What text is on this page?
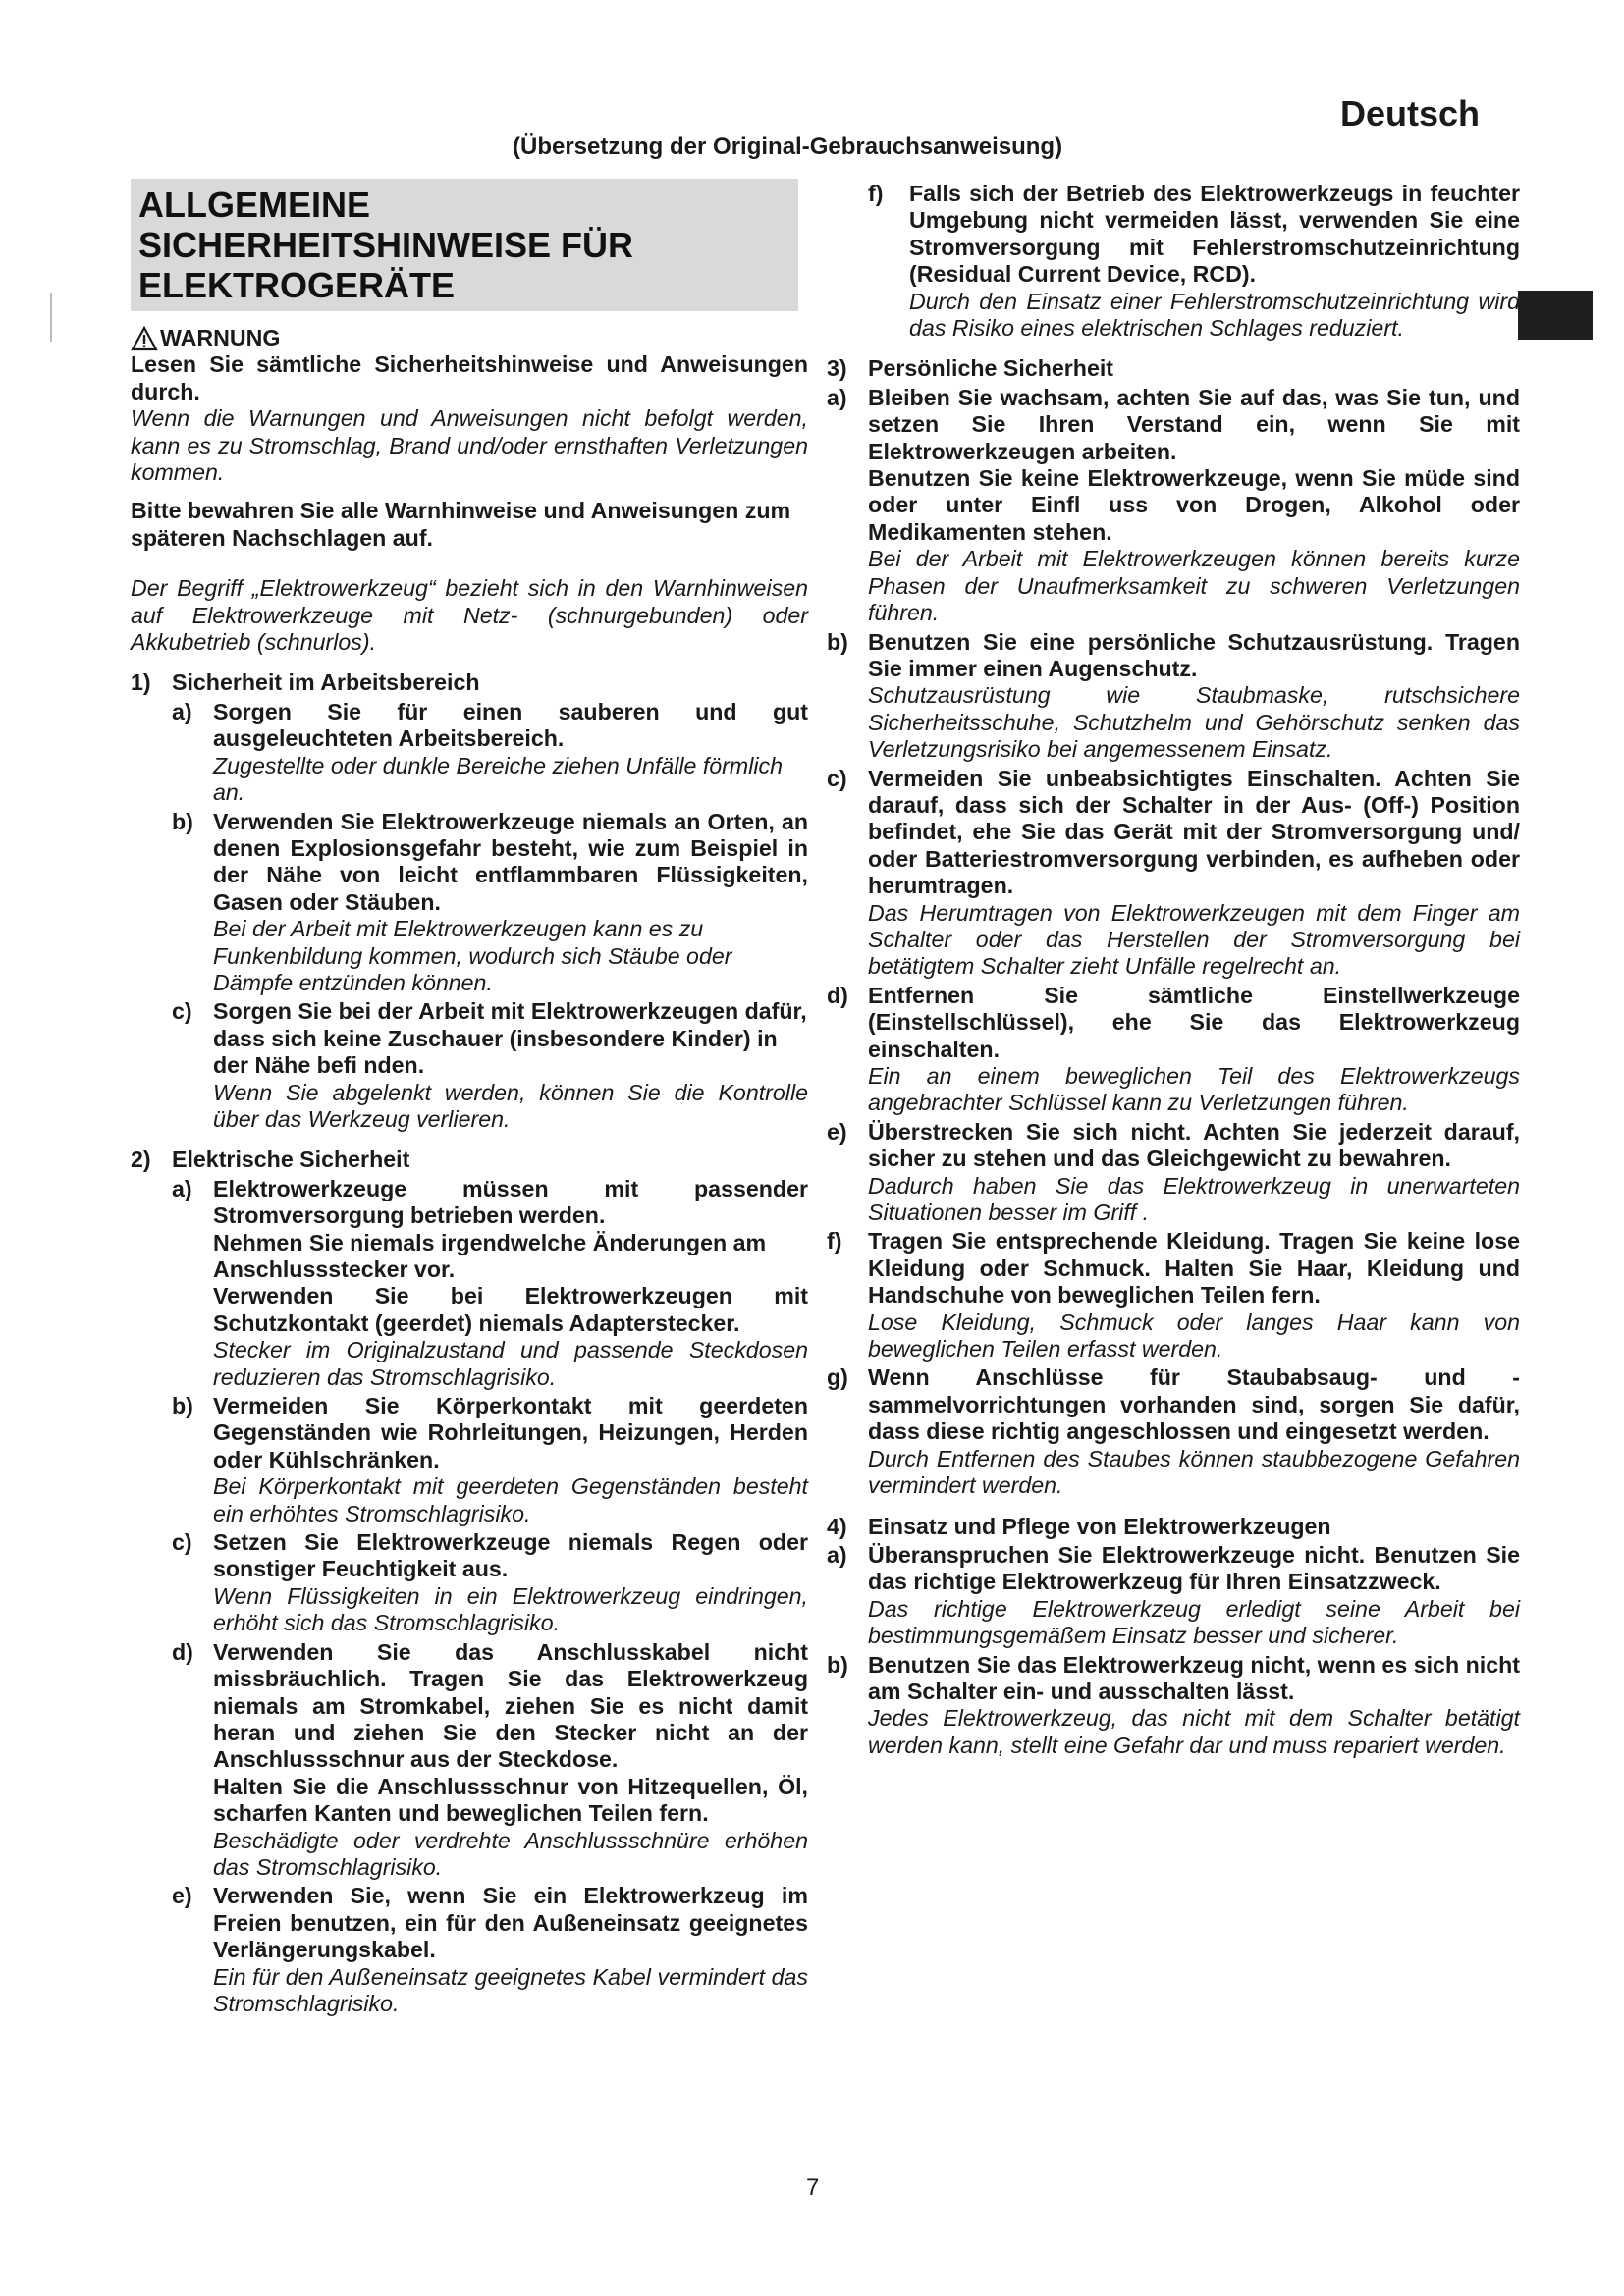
Deutsch
(Übersetzung der Original-Gebrauchsanweisung)
ALLGEMEINE
SICHERHEITSHINWEISE FÜR
ELEKTROGERÄTE
WARNUNG

Lesen Sie sämtliche Sicherheitshinweise und Anweisungen durch.

Wenn die Warnungen und Anweisungen nicht befolgt werden, kann es zu Stromschlag, Brand und/oder ernsthaften Verletzungen kommen.

Bitte bewahren Sie alle Warnhinweise und Anweisungen zum späteren Nachschlagen auf.

Der Begriff „Elektrowerkzeug“ bezieht sich in den Warnhinweisen auf Elektrowerkzeuge mit Netz- (schnurgebunden) oder Akkubetrieb (schnurlos).

1) Sicherheit im Arbeitsbereich
a) Sorgen Sie für einen sauberen und gut ausgeleuchteten Arbeitsbereich.

Zugestellte oder dunkle Bereiche ziehen Unfälle förmlich an.

b) Verwenden Sie Elektrowerkzeuge niemals an Orten, an denen Explosionsgefahr besteht, wie zum Beispiel in der Nähe von leicht entflammbaren Flüssigkeiten, Gasen oder Stäuben.

Bei der Arbeit mit Elektrowerkzeugen kann es zu Funkenbildung kommen, wodurch sich Stäube oder Dämpfe entzünden können.

c) Sorgen Sie bei der Arbeit mit Elektrowerkzeugen dafür, dass sich keine Zuschauer (insbesondere Kinder) in der Nähe befi nden.

Wenn Sie abgelenkt werden, können Sie die Kontrolle über das Werkzeug verlieren.

2) Elektrische Sicherheit
a) Elektrowerkzeuge müssen mit passender Stromversorgung betrieben werden.

Nehmen Sie niemals irgendwelche Änderungen am Anschlussstecker vor.

Verwenden Sie bei Elektrowerkzeugen mit Schutzkontakt (geerdet) niemals Adapterstecker.

Stecker im Originalzustand und passende Steckdosen reduzieren das Stromschlagrisiko.

b) Vermeiden Sie Körperkontakt mit geerdeten Gegenständen wie Rohrleitungen, Heizungen, Herden oder Kühlschränken.

Bei Körperkontakt mit geerdeten Gegenständen besteht ein erhöhtes Stromschlagrisiko.

c) Setzen Sie Elektrowerkzeuge niemals Regen oder sonstiger Feuchtigkeit aus.

Wenn Flüssigkeiten in ein Elektrowerkzeug eindringen, erhöht sich das Stromschlagrisiko.

d) Verwenden Sie das Anschlusskabel nicht missbräuchlich. Tragen Sie das Elektrowerkzeug niemals am Stromkabel, ziehen Sie es nicht damit heran und ziehen Sie den Stecker nicht an der Anschlussschnur aus der Steckdose.

Halten Sie die Anschlussschnur von Hitzequellen, Öl, scharfen Kanten und beweglichen Teilen fern.

Beschädigte oder verdrehte Anschlussschnüre erhöhen das Stromschlagrisiko.

e) Verwenden Sie, wenn Sie ein Elektrowerkzeug im Freien benutzen, ein für den Außeneinsatz geeignetes Verlängerungskabel.

Ein für den Außeneinsatz geeignetes Kabel vermindert das Stromschlagrisiko.

f)	Falls sich der Betrieb des Elektrowerkzeugs in feuchter Umgebung nicht vermeiden lässt, verwenden Sie eine Stromversorgung mit Fehlerstromschutzeinrichtung (Residual Current Device, RCD).

Durch den Einsatz einer Fehlerstromschutzeinrichtung wird das Risiko eines elektrischen Schlages reduziert.

3) Persönliche Sicherheit
a) Bleiben Sie wachsam, achten Sie auf das, was Sie tun, und setzen Sie Ihren Verstand ein, wenn Sie mit Elektrowerkzeugen arbeiten.

Benutzen Sie keine Elektrowerkzeuge, wenn Sie müde sind oder unter Einfl uss von Drogen, Alkohol oder Medikamenten stehen.

Bei der Arbeit mit Elektrowerkzeugen können bereits kurze Phasen der Unaufmerksamkeit zu schweren Verletzungen führen.

b) Benutzen Sie eine persönliche Schutzausrüstung. Tragen Sie immer einen Augenschutz.

Schutzausrüstung wie Staubmaske, rutschsichere Sicherheitsschuhe, Schutzhelm und Gehörschutz senken das Verletzungsrisiko bei angemessenem Einsatz.

c) Vermeiden Sie unbeabsichtigtes Einschalten. Achten Sie darauf, dass sich der Schalter in der Aus- (Off-) Position befindet, ehe Sie das Gerät mit der Stromversorgung und/ oder Batteriestromversorgung verbinden, es aufheben oder herumtragen.

Das Herumtragen von Elektrowerkzeugen mit dem Finger am Schalter oder das Herstellen der Stromversorgung bei betätigtem Schalter zieht Unfälle regelrecht an.

d) Entfernen Sie sämtliche Einstellwerkzeuge (Einstellschlüssel), ehe Sie das Elektrowerkzeug einschalten.

Ein an einem beweglichen Teil des Elektrowerkzeugs angebrachter Schlüssel kann zu Verletzungen führen.

e) Überstrecken Sie sich nicht. Achten Sie jederzeit darauf, sicher zu stehen und das Gleichgewicht zu bewahren.

Dadurch haben Sie das Elektrowerkzeug in unerwarteten Situationen besser im Griff .

f)	Tragen Sie entsprechende Kleidung. Tragen Sie keine lose Kleidung oder Schmuck. Halten Sie Haar, Kleidung und Handschuhe von beweglichen Teilen fern.

Lose Kleidung, Schmuck oder langes Haar kann von beweglichen Teilen erfasst werden.

g) Wenn Anschlüsse für Staubabsaug- und - sammelvorrichtungen vorhanden sind, sorgen Sie dafür, dass diese richtig angeschlossen und eingesetzt werden.

Durch Entfernen des Staubes können staubbezogene Gefahren vermindert werden.

4) Einsatz und Pflege von Elektrowerkzeugen
a) Überanspruchen Sie Elektrowerkzeuge nicht. Benutzen Sie das richtige Elektrowerkzeug für Ihren Einsatzzweck.

Das richtige Elektrowerkzeug erledigt seine Arbeit bei bestimmungsgemäßem Einsatz besser und sicherer.

b) Benutzen Sie das Elektrowerkzeug nicht, wenn es sich nicht am Schalter ein- und ausschalten lässt.

Jedes Elektrowerkzeug, das nicht mit dem Schalter betätigt werden kann, stellt eine Gefahr dar und muss repariert werden.

7
